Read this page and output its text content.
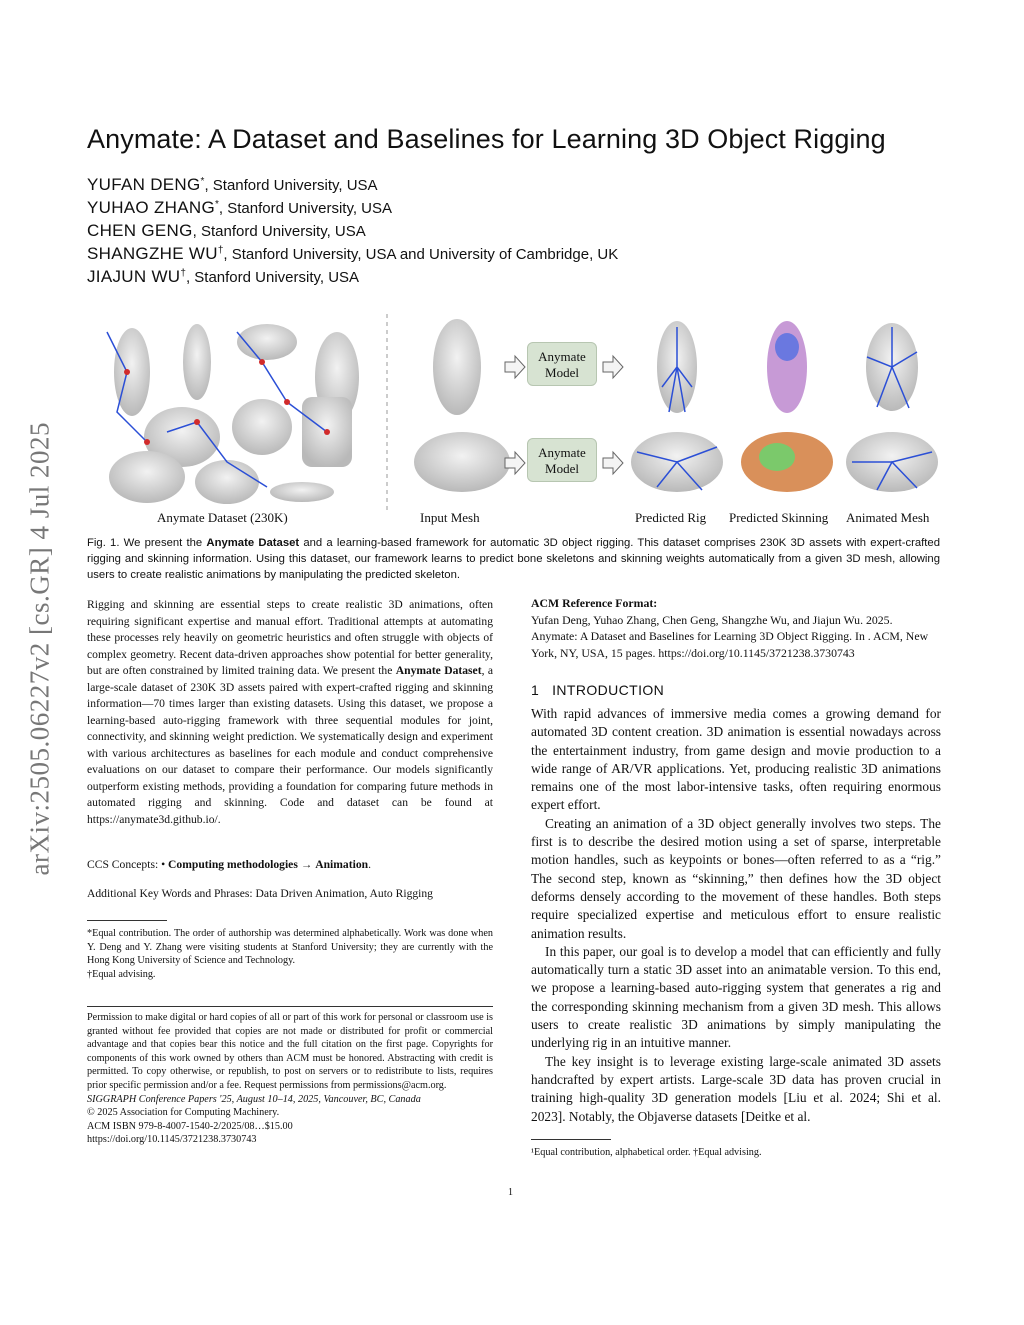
arXiv:2505.06227v2 [cs.GR] 4 Jul 2025
Anymate: A Dataset and Baselines for Learning 3D Object Rigging
YUFAN DENG*, Stanford University, USA
YUHAO ZHANG*, Stanford University, USA
CHEN GENG, Stanford University, USA
SHANGZHE WU†, Stanford University, USA and University of Cambridge, UK
JIAJUN WU†, Stanford University, USA
Anymate
Model
Anymate
Model
Anymate Dataset (230K)	Input Mesh	Predicted Rig Predicted Skinning Animated Mesh
Fig. 1. We present the Anymate Dataset and a learning-based framework for automatic 3D object rigging. This dataset comprises 230K 3D assets with expert-crafted rigging and skinning information. Using this dataset, our framework learns to predict bone skeletons and skinning weights automatically from a given 3D mesh, allowing users to create realistic animations by manipulating the predicted skeleton.
Rigging and skinning are essential steps to create realistic 3D animations, often requiring significant expertise and manual effort. Traditional attempts at automating these processes rely heavily on geometric heuristics and often struggle with objects of complex geometry. Recent data-driven approaches show potential for better generality, but are often constrained by limited training data. We present the Anymate Dataset, a large-scale dataset of 230K 3D assets paired with expert-crafted rigging and skinning information—70 times larger than existing datasets. Using this dataset, we propose a learning-based auto-rigging framework with three sequential modules for joint, connectivity, and skinning weight prediction. We systematically design and experiment with various architectures as baselines for each module and conduct comprehensive evaluations on our dataset to compare their performance. Our models significantly outperform existing methods, providing a foundation for comparing future methods in automated rigging and skinning. Code and dataset can be found at https://anymate3d.github.io/.
CCS Concepts: • Computing methodologies → Animation.
Additional Key Words and Phrases: Data Driven Animation, Auto Rigging
*Equal contribution. The order of authorship was determined alphabetically. Work was done when Y. Deng and Y. Zhang were visiting students at Stanford University; they are currently with the Hong Kong University of Science and Technology.
†Equal advising.
Permission to make digital or hard copies of all or part of this work for personal or classroom use is granted without fee provided that copies are not made or distributed for profit or commercial advantage and that copies bear this notice and the full citation on the first page. Copyrights for components of this work owned by others than ACM must be honored. Abstracting with credit is permitted. To copy otherwise, or republish, to post on servers or to redistribute to lists, requires prior specific permission and/or a fee. Request permissions from permissions@acm.org.
SIGGRAPH Conference Papers '25, August 10–14, 2025, Vancouver, BC, Canada
© 2025 Association for Computing Machinery.
ACM ISBN 979-8-4007-1540-2/2025/08…$15.00
https://doi.org/10.1145/3721238.3730743
ACM Reference Format:
Yufan Deng, Yuhao Zhang, Chen Geng, Shangzhe Wu, and Jiajun Wu. 2025. Anymate: A Dataset and Baselines for Learning 3D Object Rigging. In . ACM, New York, NY, USA, 15 pages. https://doi.org/10.1145/3721238.3730743
1 INTRODUCTION

With rapid advances of immersive media comes a growing demand for automated 3D content creation. 3D animation is essential nowadays across the entertainment industry, from game design and movie production to a wide range of AR/VR applications. Yet, producing realistic 3D animations remains one of the most labor-intensive tasks, often requiring enormous expert effort.

Creating an animation of a 3D object generally involves two steps. The first is to describe the desired motion using a set of sparse, interpretable motion handles, such as keypoints or bones—often referred to as a “rig.” The second step, known as “skinning,” then defines how the 3D object deforms densely according to the movement of these handles. Both steps require specialized expertise and meticulous effort to ensure realistic animation results.

In this paper, our goal is to develop a model that can efficiently and fully automatically turn a static 3D asset into an animatable version. To this end, we propose a learning-based auto-rigging system that generates a rig and the corresponding skinning mechanism from a given 3D mesh. This allows users to create realistic 3D animations by simply manipulating the underlying rig in an intuitive manner.

The key insight is to leverage existing large-scale animated 3D assets handcrafted by expert artists. Large-scale 3D data has proven crucial in training high-quality 3D generation models [Liu et al. 2024; Shi et al. 2023]. Notably, the Objaverse datasets [Deitke et al.

¹Equal contribution, alphabetical order. †Equal advising.
1
